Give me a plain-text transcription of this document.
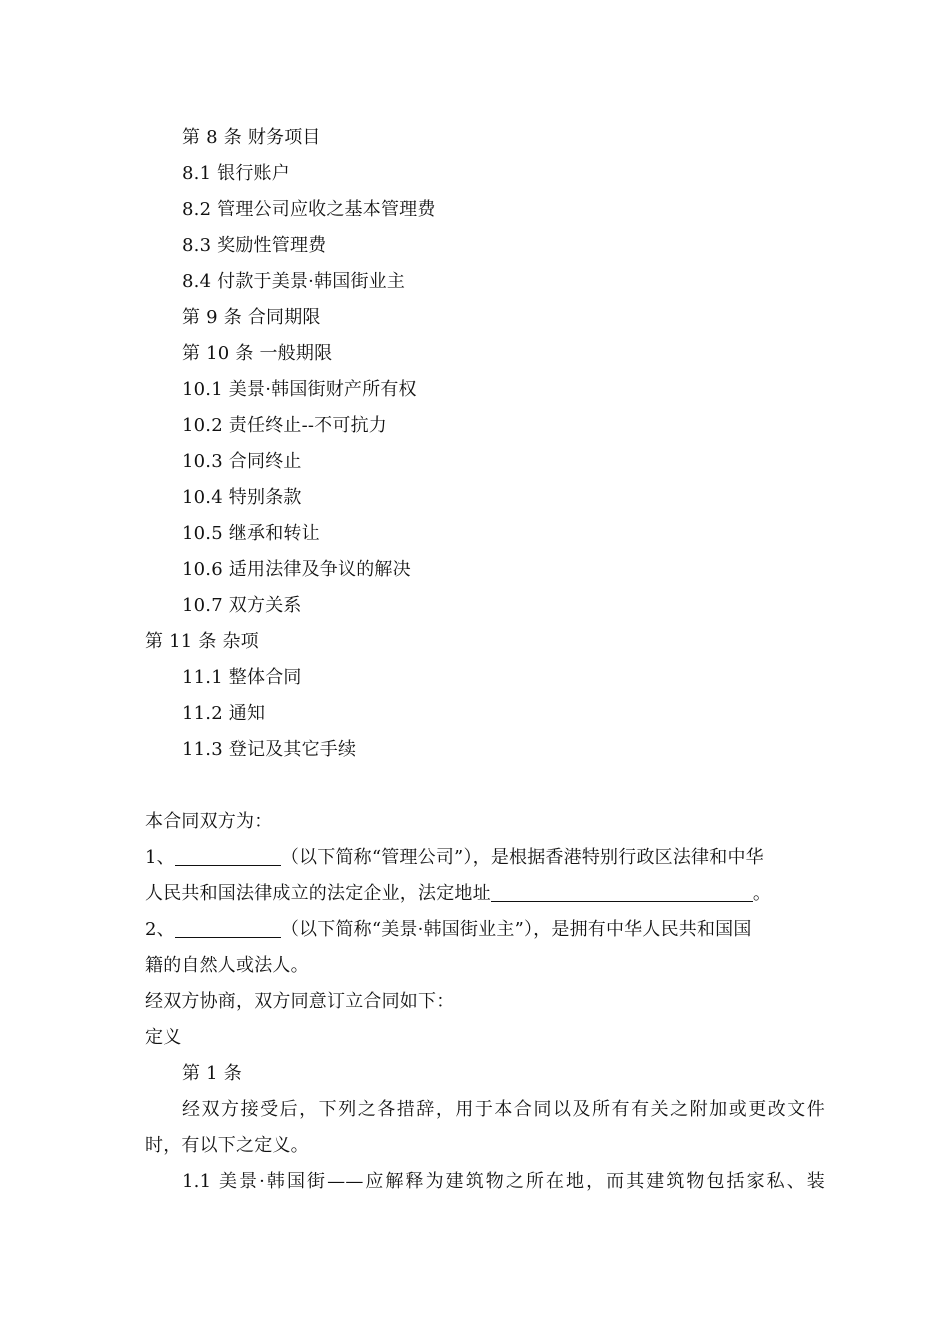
第 8 条 财务项目
8.1 银行账户
8.2 管理公司应收之基本管理费
8.3 奖励性管理费
8.4 付款于美景·韩国街业主
第 9 条 合同期限
第 10 条 一般期限
10.1 美景·韩国街财产所有权
10.2 责任终止--不可抗力
10.3 合同终止
10.4 特别条款
10.5 继承和转让
10.6 适用法律及争议的解决
10.7 双方关系
第 11 条 杂项
11.1 整体合同
11.2 通知
11.3 登记及其它手续
本合同双方为：
1、	（以下简称“管理公司”），是根据香港特别行政区法律和中华
人民共和国法律成立的法定企业，法定地址	。
2、	（以下简称“美景·韩国街业主”），是拥有中华人民共和国国
籍的自然人或法人。
经双方协商，双方同意订立合同如下：
定义
第 1 条
经双方接受后，下列之各措辞，用于本合同以及所有有关之附加或更改文件
时，有以下之定义。
1.1 美景·韩国街——应解释为建筑物之所在地，而其建筑物包括家私、装
